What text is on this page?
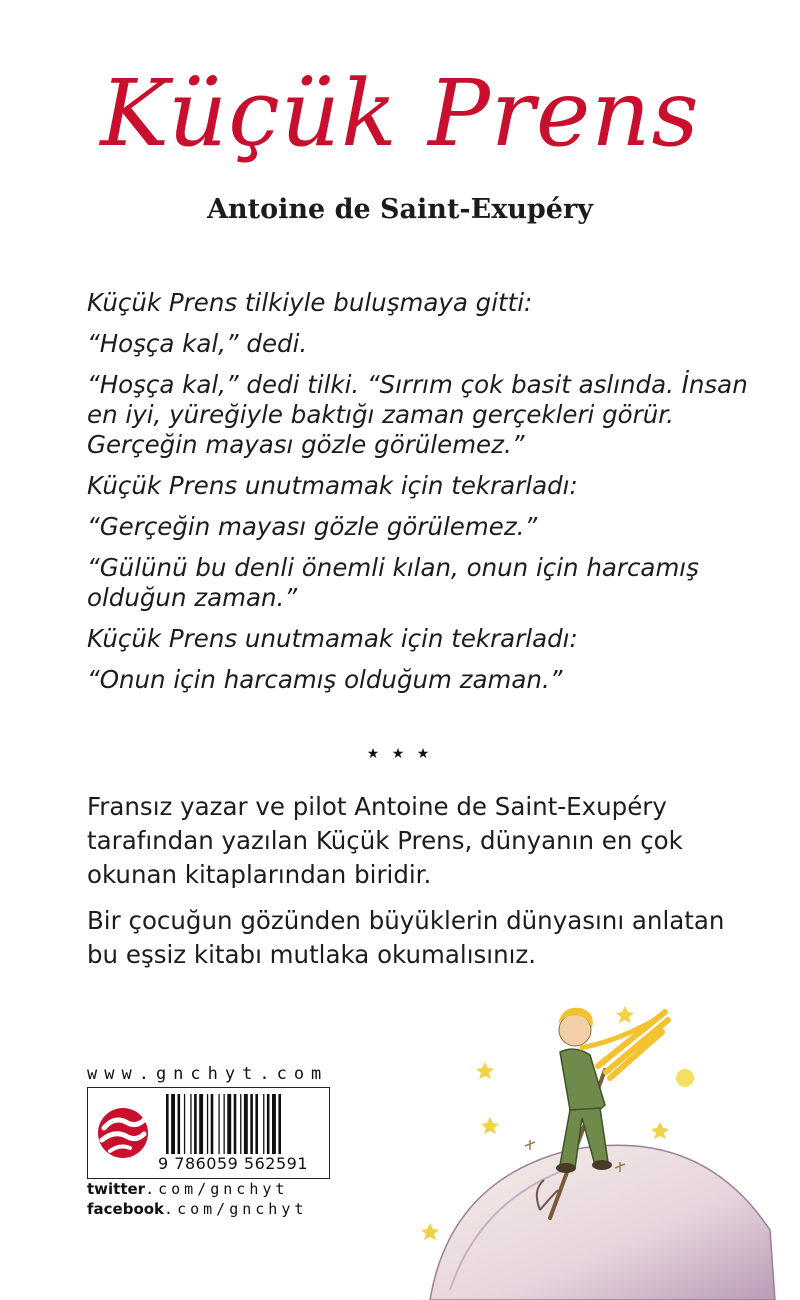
Küçük Prens
Antoine de Saint-Exupéry

Küçük Prens tilkiyle buluşmaya gitti:

“Hoşça kal,” dedi.

“Hoşça kal,” dedi tilki. “Sırrım çok basit aslında. İnsan en iyi, yüreğiyle baktığı zaman gerçekleri görür. Gerçeğin mayası gözle görülemez.”

Küçük Prens unutmamak için tekrarladı:

“Gerçeğin mayası gözle görülemez.”

“Gülünü bu denli önemli kılan, onun için harcamış olduğun zaman.”

Küçük Prens unutmamak için tekrarladı:

“Onun için harcamış olduğum zaman.”

★ ★ ★

Fransız yazar ve pilot Antoine de Saint-Exupéry tarafından yazılan Küçük Prens, dünyanın en çok okunan kitaplarından biridir.

Bir çocuğun gözünden büyüklerin dünyasını anlatan bu eşsiz kitabı mutlaka okumalısınız.

www.gnchyt.com
9 786059 562591
twitter.com/gnchyt
facebook.com/gnchyt
